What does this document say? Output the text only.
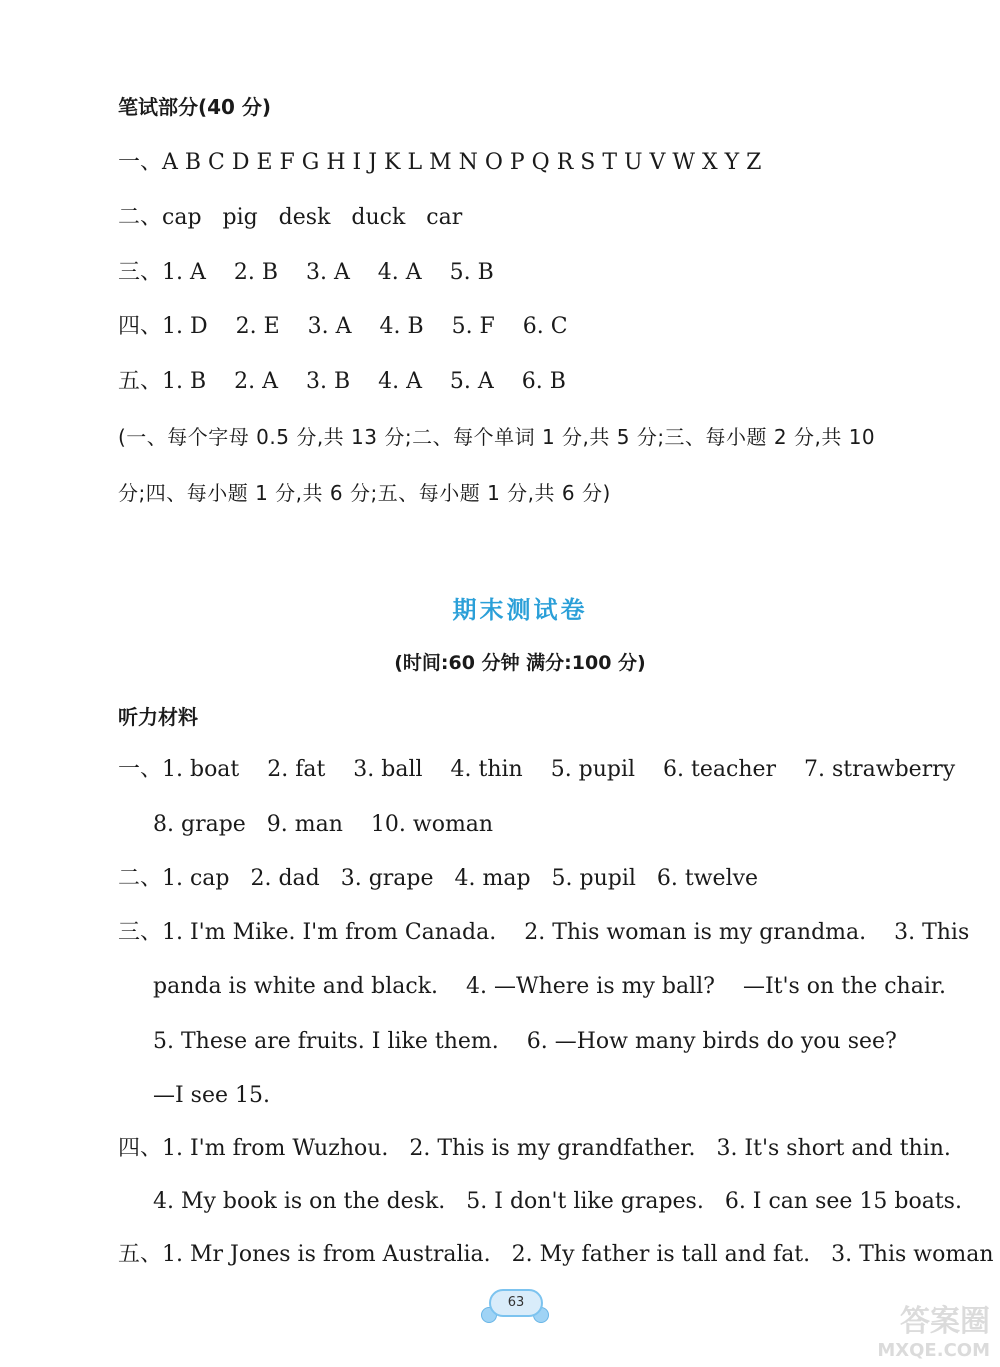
笔试部分(40 分)
一、A B C D E F G H I J K L M N O P Q R S T U V W X Y Z
二、cap   pig   desk   duck   car
三、1. A    2. B    3. A    4. A    5. B
四、1. D    2. E    3. A    4. B    5. F    6. C
五、1. B    2. A    3. B    4. A    5. A    6. B
(一、每个字母 0.5 分,共 13 分;二、每个单词 1 分,共 5 分;三、每小题 2 分,共 10
分;四、每小题 1 分,共 6 分;五、每小题 1 分,共 6 分)
期末测试卷
(时间:60 分钟 满分:100 分)
听力材料
一、1. boat    2. fat    3. ball    4. thin    5. pupil    6. teacher    7. strawberry
8. grape   9. man    10. woman
二、1. cap   2. dad   3. grape   4. map   5. pupil   6. twelve
三、1. I'm Mike. I'm from Canada.    2. This woman is my grandma.    3. This
panda is white and black.    4. —Where is my ball?    —It's on the chair.
5. These are fruits. I like them.    6. —How many birds do you see?
—I see 15.
四、1. I'm from Wuzhou.   2. This is my grandfather.   3. It's short and thin.
4. My book is on the desk.   5. I don't like grapes.   6. I can see 15 boats.
五、1. Mr Jones is from Australia.   2. My father is tall and fat.   3. This woman
63
答案圈
MXQE.COM
